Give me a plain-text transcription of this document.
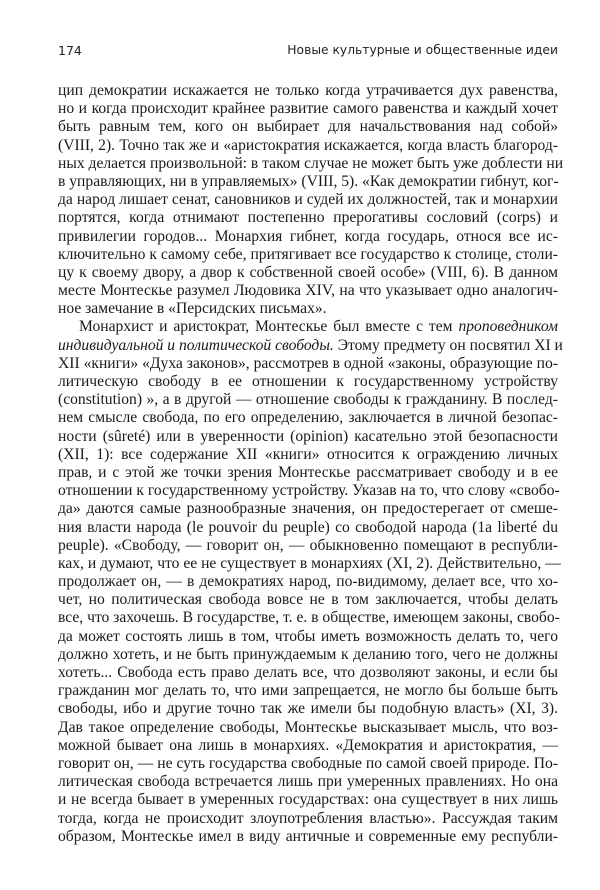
174	Новые культурные и общественные идеи
цип демократии искажается не только когда утрачивается дух равенства,
но и когда происходит крайнее развитие самого равенства и каждый хочет
быть равным тем, кого он выбирает для начальствования над собой»
(VIII, 2). Точно так же и «аристократия искажается, когда власть благород-
ных делается произвольной: в таком случае не может быть уже доблести ни
в управляющих, ни в управляемых» (VIII, 5). «Как демократии гибнут, ког-
да народ лишает сенат, сановников и судей их должностей, так и монархии
портятся, когда отнимают постепенно прерогативы сословий (corps) и
привилегии городов... Монархия гибнет, когда государь, относя все ис-
ключительно к самому себе, притягивает все государство к столице, столи-
цу к своему двору, а двор к собственной своей особе» (VIII, 6). В данном
месте Монтескье разумел Людовика XIV, на что указывает одно аналогич-
ное замечание в «Персидских письмах».
Монархист и аристократ, Монтескье был вместе с тем проповедником
индивидуальной и политической свободы. Этому предмету он посвятил XI и
XII «книги» «Духа законов», рассмотрев в одной «законы, образующие по-
литическую свободу в ее отношении к государственному устройству
(constitution) », а в другой — отношение свободы к гражданину. В послед-
нем смысле свобода, по его определению, заключается в личной безопас-
ности (sûreté) или в уверенности (opinion) касательно этой безопасности
(XII, 1): все содержание XII «книги» относится к ограждению личных
прав, и с этой же точки зрения Монтескье рассматривает свободу и в ее
отношении к государственному устройству. Указав на то, что слову «свобо-
да» даются самые разнообразные значения, он предостерегает от смеше-
ния власти народа (le pouvoir du peuple) со свободой народа (1a liberté du
peuple). «Свободу, — говорит он, — обыкновенно помещают в республи-
ках, и думают, что ее не существует в монархиях (XI, 2). Действительно, —
продолжает он, — в демократиях народ, по-видимому, делает все, что хо-
чет, но политическая свобода вовсе не в том заключается, чтобы делать
все, что захочешь. В государстве, т. е. в обществе, имеющем законы, свобо-
да может состоять лишь в том, чтобы иметь возможность делать то, чего
должно хотеть, и не быть принуждаемым к деланию того, чего не должны
хотеть... Свобода есть право делать все, что дозволяют законы, и если бы
гражданин мог делать то, что ими запрещается, не могло бы больше быть
свободы, ибо и другие точно так же имели бы подобную власть» (XI, 3).
Дав такое определение свободы, Монтескье высказывает мысль, что воз-
можной бывает она лишь в монархиях. «Демократия и аристократия, —
говорит он, — не суть государства свободные по самой своей природе. По-
литическая свобода встречается лишь при умеренных правлениях. Но она
и не всегда бывает в умеренных государствах: она существует в них лишь
тогда, когда не происходит злоупотребления властью». Рассуждая таким
образом, Монтескье имел в виду античные и современные ему республи-
